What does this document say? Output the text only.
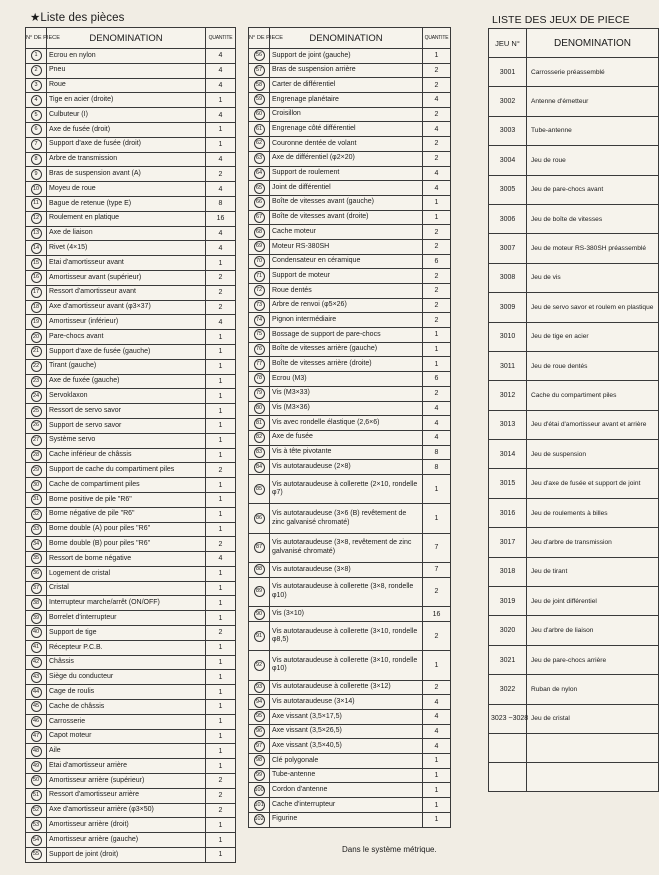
★Liste des pièces	LISTE DES JEUX DE PIECE
N° DE PIECE	DENOMINATION	QUANTITE
1	Ecrou en nylon	4
2	Pneu	4
3	Roue	4
4	Tige en acier (droite)	1
5	Culbuteur (I)	4
6	Axe de fusée (droit)	1
7	Support d'axe de fusée (droit)	1
8	Arbre de transmission	4
9	Bras de suspension avant (A)	2
10	Moyeu de roue	4
11	Bague de retenue (type E)	8
12	Roulement en platique	16
13	Axe de liaison	4
14	Rivet (4×15)	4
15	Etai d'amortisseur avant	1
16	Amortisseur avant (supérieur)	2
17	Ressort d'amortisseur avant	2
18	Axe d'amortisseur avant (φ3×37)	2
19	Amortisseur (inférieur)	4
20	Pare-chocs avant	1
21	Support d'axe de fusée (gauche)	1
22	Tirant (gauche)	1
23	Axe de fuxée (gauche)	1
24	Servoklaxon	1
25	Ressort de servo savor	1
26	Support de servo savor	1
27	Système servo	1
28	Cache inférieur de châssis	1
29	Support de cache du compartiment piles	2
30	Cache de compartiment piles	1
31	Borne positive de pile "R6"	1
32	Borne négative de pile "R6"	1
33	Borne double (A) pour piles "R6"	1
34	Borne double (B) pour piles "R6"	2
35	Ressort de borne négative	4
36	Logement de cristal	1
37	Cristal	1
38	Interrupteur marche/arrêt (ON/OFF)	1
39	Borrelet d'interrupteur	1
40	Support de tige	2
41	Récepteur P.C.B.	1
42	Châssis	1
43	Siège du conducteur	1
44	Cage de roulis	1
45	Cache de châssis	1
46	Carrosserie	1
47	Capot moteur	1
48	Aile	1
49	Etai d'amortisseur arrière	1
50	Amortisseur arrière (supérieur)	2
51	Ressort d'amortisseur arrière	2
52	Axe d'amortisseur arrière (φ3×50)	2
53	Amortisseur arrière (droit)	1
54	Amortisseur arrière (gauche)	1
55	Support de joint (droit)	1
N° DE PIECE	DENOMINATION	QUANTITE
56	Support de joint (gauche)	1
57	Bras de suspension arrière	2
58	Carter de différentiel	2
59	Engrenage planétaire	4
60	Croisillon	2
61	Engrenage côté différentiel	4
62	Couronne dentée de volant	2
63	Axe de différentiel (φ2×20)	2
64	Support de roulement	4
65	Joint de différentiel	4
66	Boîte de vitesses avant (gauche)	1
67	Boîte de vitesses avant (droite)	1
68	Cache moteur	2
69	Moteur RS-380SH	2
70	Condensateur en céramique	6
71	Support de moteur	2
72	Roue dentés	2
73	Arbre de renvoi (φ5×26)	2
74	Pignon intermédiaire	2
75	Bossage de support de pare-chocs	1
76	Boîte de vitesses arrière (gauche)	1
77	Boîte de vitesses arrière (droite)	1
78	Ecrou (M3)	6
79	Vis (M3×33)	2
80	Vis (M3×36)	4
81	Vis avec rondelle élastique (2,6×6)	4
82	Axe de fusée	4
83	Vis à tête pivotante	8
84	Vis autotaraudeuse (2×8)	8
85	Vis autotaraudeuse à collerette (2×10, rondelle φ7)	1
86	Vis autotaraudeuse (3×6 (B) revêtement de zinc galvanisé chromaté)	1
87	Vis autotaraudeuse (3×8, revêtement de zinc galvanisé chromaté)	7
88	Vis autotaraudeuse (3×8)	7
89	Vis autotaraudeuse à collerette (3×8, rondelle φ10)	2
90	Vis (3×10)	16
91	Vis autotaraudeuse à collerette (3×10, rondelle φ8,5)	2
92	Vis autotaraudeuse à collerette (3×10, rondelle φ10)	1
93	Vis autotaraudeuse à collerette (3×12)	2
94	Vis autotaraudeuse (3×14)	4
95	Axe vissant (3,5×17,5)	4
96	Axe vissant (3,5×26,5)	4
97	Axe vissant (3,5×40,5)	4
98	Clé polygonale	1
99	Tube-antenne	1
100	Cordon d'antenne	1
101	Cache d'interrupteur	1
102	Figurine	1
Dans le système métrique.
JEU N°	DENOMINATION
3001	Carrosserie préassemblé
3002	Antenne d'émetteur
3003	Tube-antenne
3004	Jeu de roue
3005	Jeu de pare-chocs avant
3006	Jeu de boîte de vitesses
3007	Jeu de moteur RS-380SH préassemblé
3008	Jeu de vis
3009	Jeu de servo savor et roulem en plastique
3010	Jeu de tige en acier
3011	Jeu de roue dentés
3012	Cache du compartiment piles
3013	Jeu d'étai d'amortisseur avant et arrière
3014	Jeu de suspension
3015	Jeu d'axe de fusée et support de joint
3016	Jeu de roulements à billes
3017	Jeu d'arbre de transmission
3018	Jeu de tirant
3019	Jeu de joint différentiel
3020	Jeu d'arbre de liaison
3021	Jeu de pare-chocs arrière
3022	Ruban de nylon
3023 ~3028	Jeu de cristal
